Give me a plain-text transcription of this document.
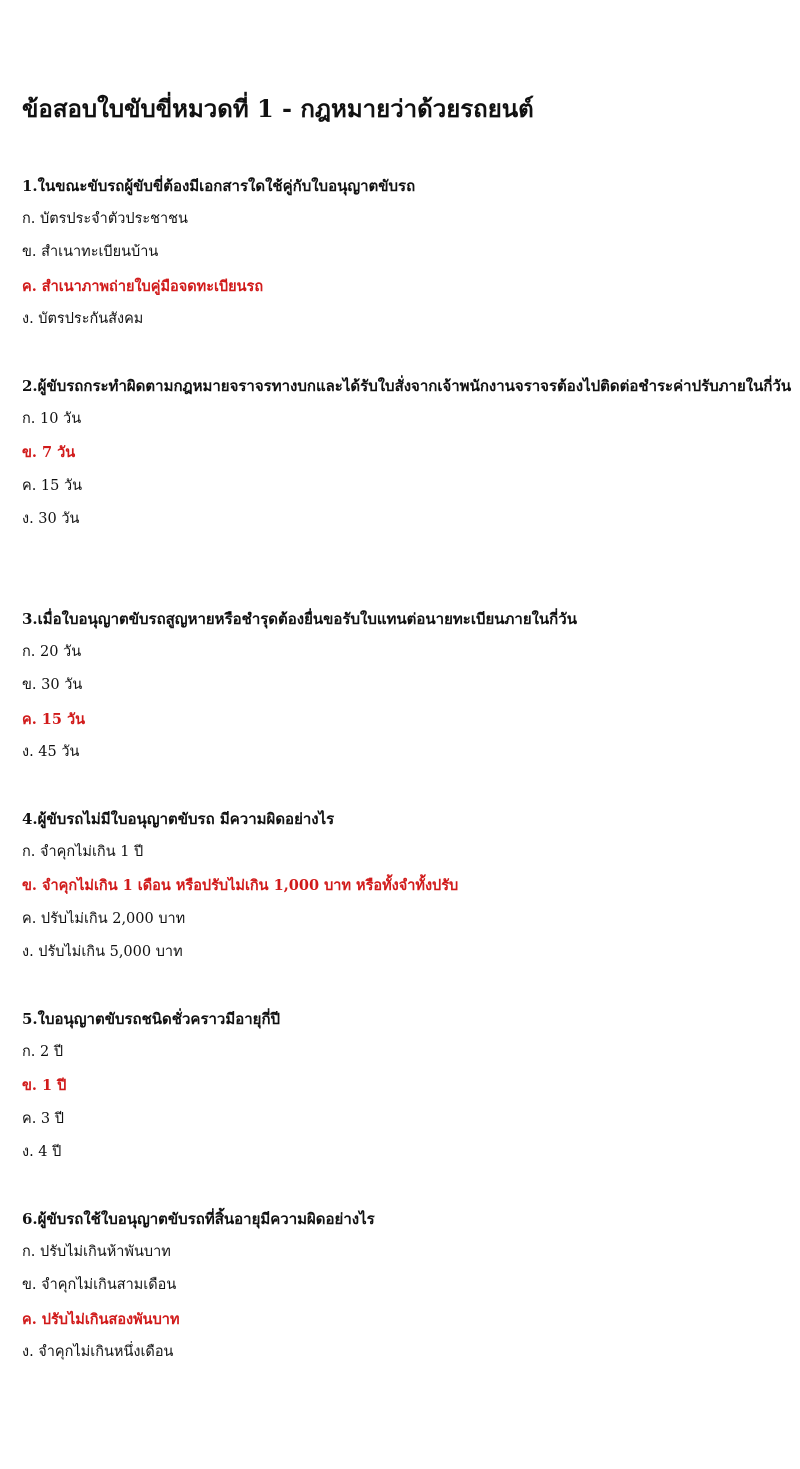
ข้อสอบใบขับขี่หมวดที่ 1 - กฎหมายว่าด้วยรถยนต์

1.ในขณะขับรถผู้ขับขี่ต้องมีเอกสารใดใช้คู่กับใบอนุญาตขับรถ

ก. บัตรประจำตัวประชาชน

ข. สำเนาทะเบียนบ้าน

ค. สำเนาภาพถ่ายใบคู่มือจดทะเบียนรถ

ง. บัตรประกันสังคม

2.ผู้ขับรถกระทำผิดตามกฎหมายจราจรทางบกและได้รับใบสั่งจากเจ้าพนักงานจราจรต้องไปติดต่อชำระค่าปรับภายในกี่วัน

ก. 10 วัน

ข. 7 วัน

ค. 15 วัน

ง. 30 วัน

3.เมื่อใบอนุญาตขับรถสูญหายหรือชำรุดต้องยื่นขอรับใบแทนต่อนายทะเบียนภายในกี่วัน

ก. 20 วัน

ข. 30 วัน

ค. 15 วัน

ง. 45 วัน

4.ผู้ขับรถไม่มีใบอนุญาตขับรถ มีความผิดอย่างไร

ก. จำคุกไม่เกิน 1 ปี

ข. จำคุกไม่เกิน 1 เดือน หรือปรับไม่เกิน 1,000 บาท หรือทั้งจำทั้งปรับ

ค. ปรับไม่เกิน 2,000 บาท

ง. ปรับไม่เกิน 5,000 บาท

5.ใบอนุญาตขับรถชนิดชั่วคราวมีอายุกี่ปี

ก. 2 ปี

ข. 1 ปี

ค. 3 ปี

ง. 4 ปี

6.ผู้ขับรถใช้ใบอนุญาตขับรถที่สิ้นอายุมีความผิดอย่างไร

ก. ปรับไม่เกินห้าพันบาท

ข. จำคุกไม่เกินสามเดือน

ค. ปรับไม่เกินสองพันบาท

ง. จำคุกไม่เกินหนึ่งเดือน
